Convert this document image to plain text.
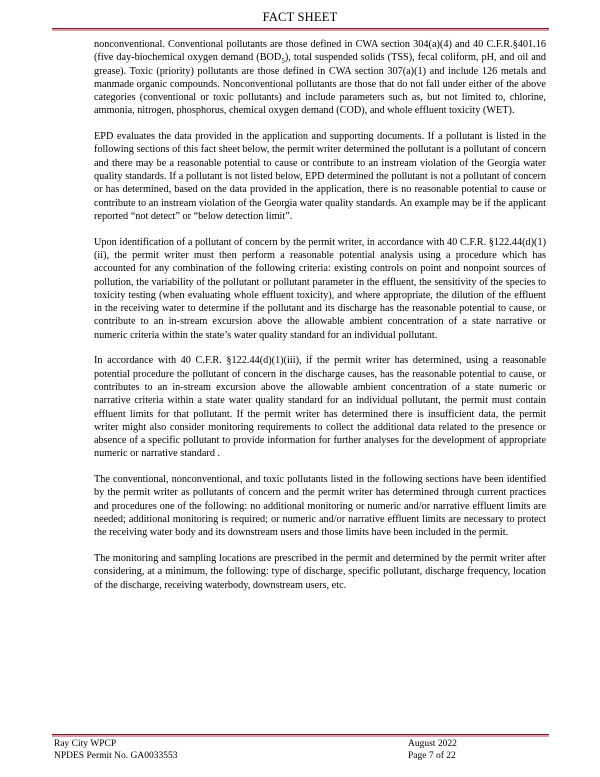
FACT SHEET

nonconventional. Conventional pollutants are those defined in CWA section 304(a)(4) and 40 C.F.R.§401.16 (five day-biochemical oxygen demand $(BOD_5)$, total suspended solids (TSS), fecal coliform, pH, and oil and grease). Toxic (priority) pollutants are those defined in CWA section 307(a)(1) and include 126 metals and manmade organic compounds. Nonconventional pollutants are those that do not fall under either of the above categories (conventional or toxic pollutants) and include parameters such as, but not limited to, chlorine, ammonia, nitrogen, phosphorus, chemical oxygen demand (COD), and whole effluent toxicity (WET).

EPD evaluates the data provided in the application and supporting documents. If a pollutant is listed in the following sections of this fact sheet below, the permit writer determined the pollutant is a pollutant of concern and there may be a reasonable potential to cause or contribute to an instream violation of the Georgia water quality standards. If a pollutant is not listed below, EPD determined the pollutant is not a pollutant of concern or has determined, based on the data provided in the application, there is no reasonable potential to cause or contribute to an instream violation of the Georgia water quality standards. An example may be if the applicant reported “not detect” or “below detection limit”.

Upon identification of a pollutant of concern by the permit writer, in accordance with 40 C.F.R. §122.44(d)(1)(ii), the permit writer must then perform a reasonable potential analysis using a procedure which has accounted for any combination of the following criteria: existing controls on point and nonpoint sources of pollution, the variability of the pollutant or pollutant parameter in the effluent, the sensitivity of the species to toxicity testing (when evaluating whole effluent toxicity), and where appropriate, the dilution of the effluent in the receiving water to determine if the pollutant and its discharge has the reasonable potential to cause, or contribute to an in-stream excursion above the allowable ambient concentration of a state narrative or numeric criteria within the state’s water quality standard for an individual pollutant.

In accordance with 40 C.F.R. §122.44(d)(1)(iii), if the permit writer has determined, using a reasonable potential procedure the pollutant of concern in the discharge causes, has the reasonable potential to cause, or contributes to an in-stream excursion above the allowable ambient concentration of a state numeric or narrative criteria within a state water quality standard for an individual pollutant, the permit must contain effluent limits for that pollutant. If the permit writer has determined there is insufficient data, the permit writer might also consider monitoring requirements to collect the additional data related to the presence or absence of a specific pollutant to provide information for further analyses for the development of appropriate numeric or narrative standard .

The conventional, nonconventional, and toxic pollutants listed in the following sections have been identified by the permit writer as pollutants of concern and the permit writer has determined through current practices and procedures one of the following: no additional monitoring or numeric and/or narrative effluent limits are needed; additional monitoring is required; or numeric and/or narrative effluent limits are necessary to protect the receiving water body and its downstream users and those limits have been included in the permit.

The monitoring and sampling locations are prescribed in the permit and determined by the permit writer after considering, at a minimum, the following: type of discharge, specific pollutant, discharge frequency, location of the discharge, receiving waterbody, downstream users, etc.

Ray City WPCP
NPDES Permit No. GA0033553
August 2022
Page 7 of 22
